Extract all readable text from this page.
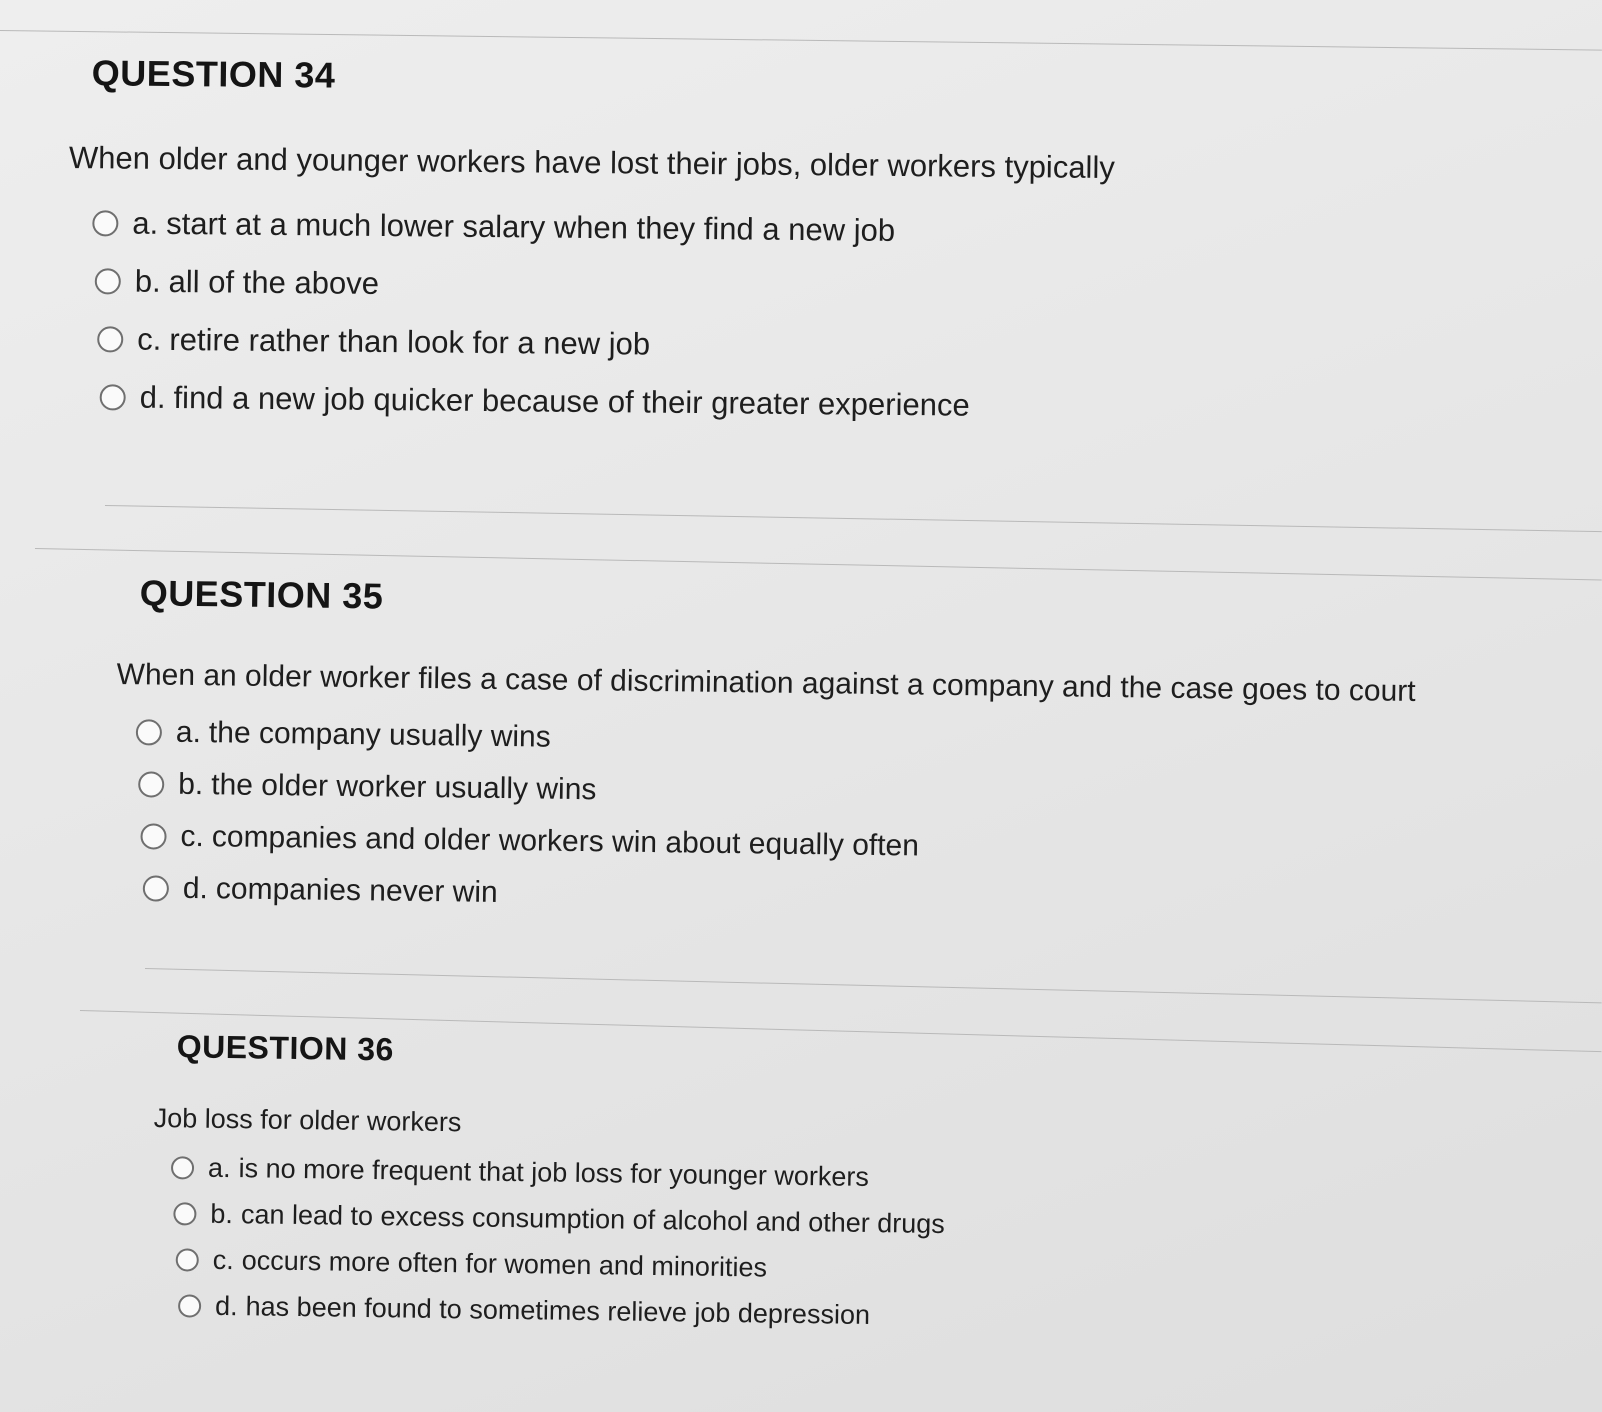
QUESTION 34
When older and younger workers have lost their jobs, older workers typically
a. start at a much lower salary when they find a new job
b. all of the above
c. retire rather than look for a new job
d. find a new job quicker because of their greater experience
QUESTION 35
When an older worker files a case of discrimination against a company and the case goes to court
a. the company usually wins
b. the older worker usually wins
c. companies and older workers win about equally often
d. companies never win
QUESTION 36
Job loss for older workers
a. is no more frequent that job loss for younger workers
b. can lead to excess consumption of alcohol and other drugs
c. occurs more often for women and minorities
d. has been found to sometimes relieve job depression
